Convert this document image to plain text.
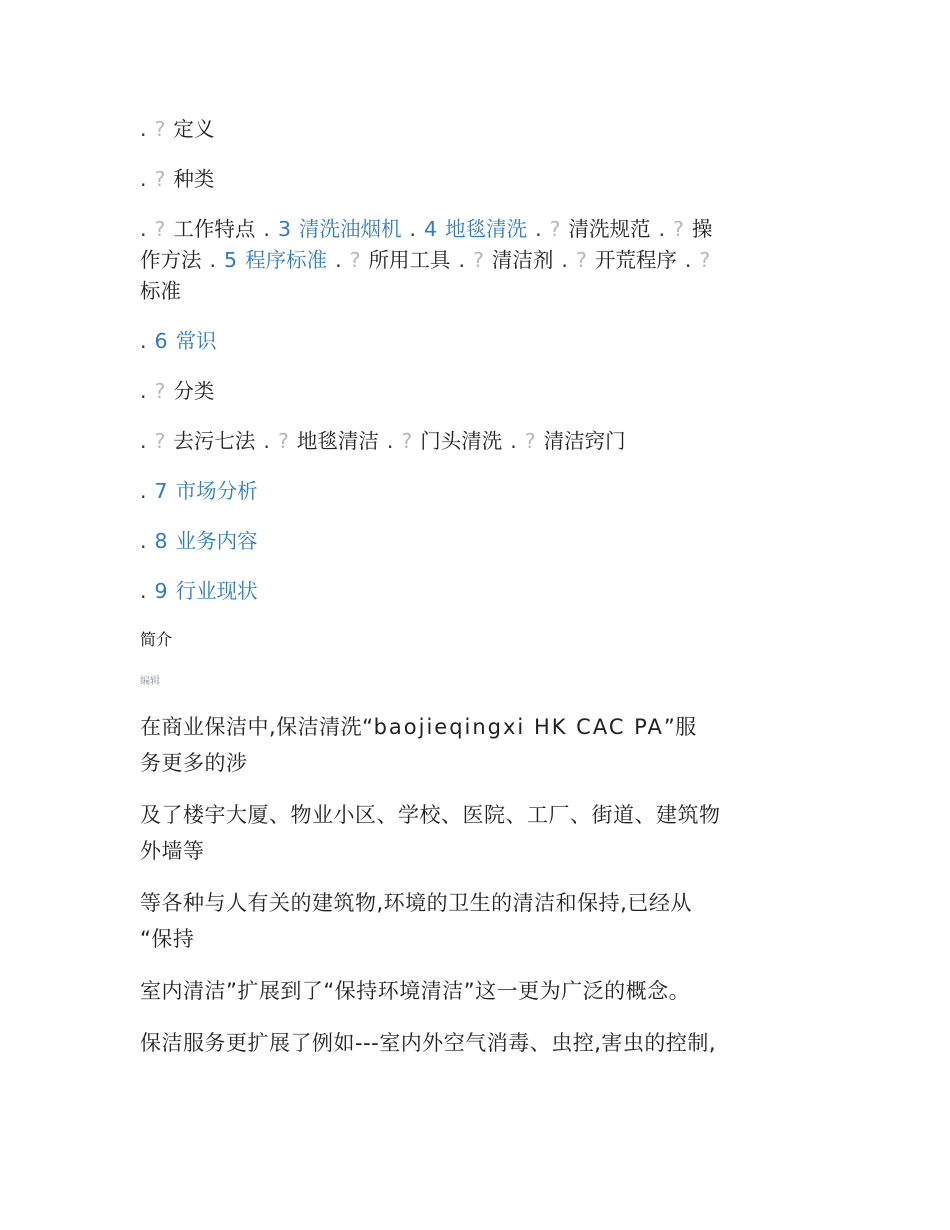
. ? 定义
. ? 种类
. ? 工作特点 . 3 清洗油烟机 . 4 地毯清洗 . ? 清洗规范 . ? 操
作方法 . 5 程序标准 . ? 所用工具 . ? 清洁剂 . ? 开荒程序 . ?
标准
. 6 常识
. ? 分类
. ? 去污七法 . ? 地毯清洁 . ? 门头清洗 . ? 清洁窍门
. 7 市场分析
. 8 业务内容
. 9 行业现状
简介
编辑
在商业保洁中,保洁清洗“baojieqingxi HK CAC PA”服
务更多的涉
及了楼宇大厦、物业小区、学校、医院、工厂、街道、建筑物
外墙等
等各种与人有关的建筑物,环境的卫生的清洁和保持,已经从
“保持
室内清洁”扩展到了“保持环境清洁”这一更为广泛的概念。
保洁服务更扩展了例如---室内外空气消毒、虫控,害虫的控制,
